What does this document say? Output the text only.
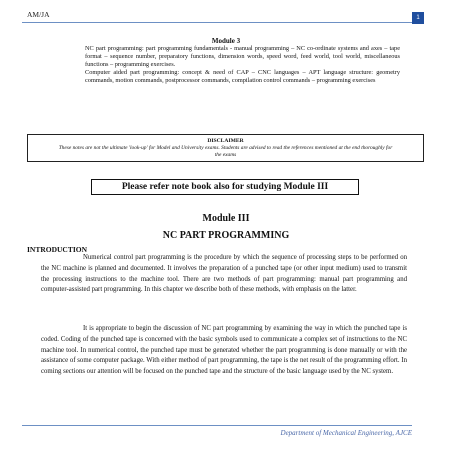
AM/JA	1
Module 3

NC part programming: part programming fundamentals - manual programming – NC co-ordinate systems and axes – tape format – sequence number, preparatory functions, dimension words, speed word, feed world, tool world, miscellaneous functions – programming exercises.

Computer aided part programming: concept & need of CAP – CNC languages – APT language structure: geometry commands, motion commands, postprocessor commands, compilation control commands – programming exercises

DISCLAIMER
These notes are not the ultimate 'look-up' for Model and University exams. Students are advised to read the references mentioned at the end thoroughly for the exams
Please refer note book also for studying Module III
Module III
NC PART PROGRAMMING
INTRODUCTION

Numerical control part programming is the procedure by which the sequence of processing steps to be performed on the NC machine is planned and documented. It involves the preparation of a punched tape (or other input medium) used to transmit the processing instructions to the machine tool. There are two methods of part programming: manual part programming and computer-assisted part programming. In this chapter we describe both of these methods, with emphasis on the latter.

It is appropriate to begin the discussion of NC part programming by examining the way in which the punched tape is coded. Coding of the punched tape is concerned with the basic symbols used to communicate a complex set of instructions to the NC machine tool. In numerical control, the punched tape must be generated whether the part programming is done manually or with the assistance of some computer package. With either method of part programming, the tape is the net result of the programming effort. In coming sections our attention will be focused on the punched tape and the structure of the basic language used by the NC system.

Department of Mechanical Engineering, AJCE
